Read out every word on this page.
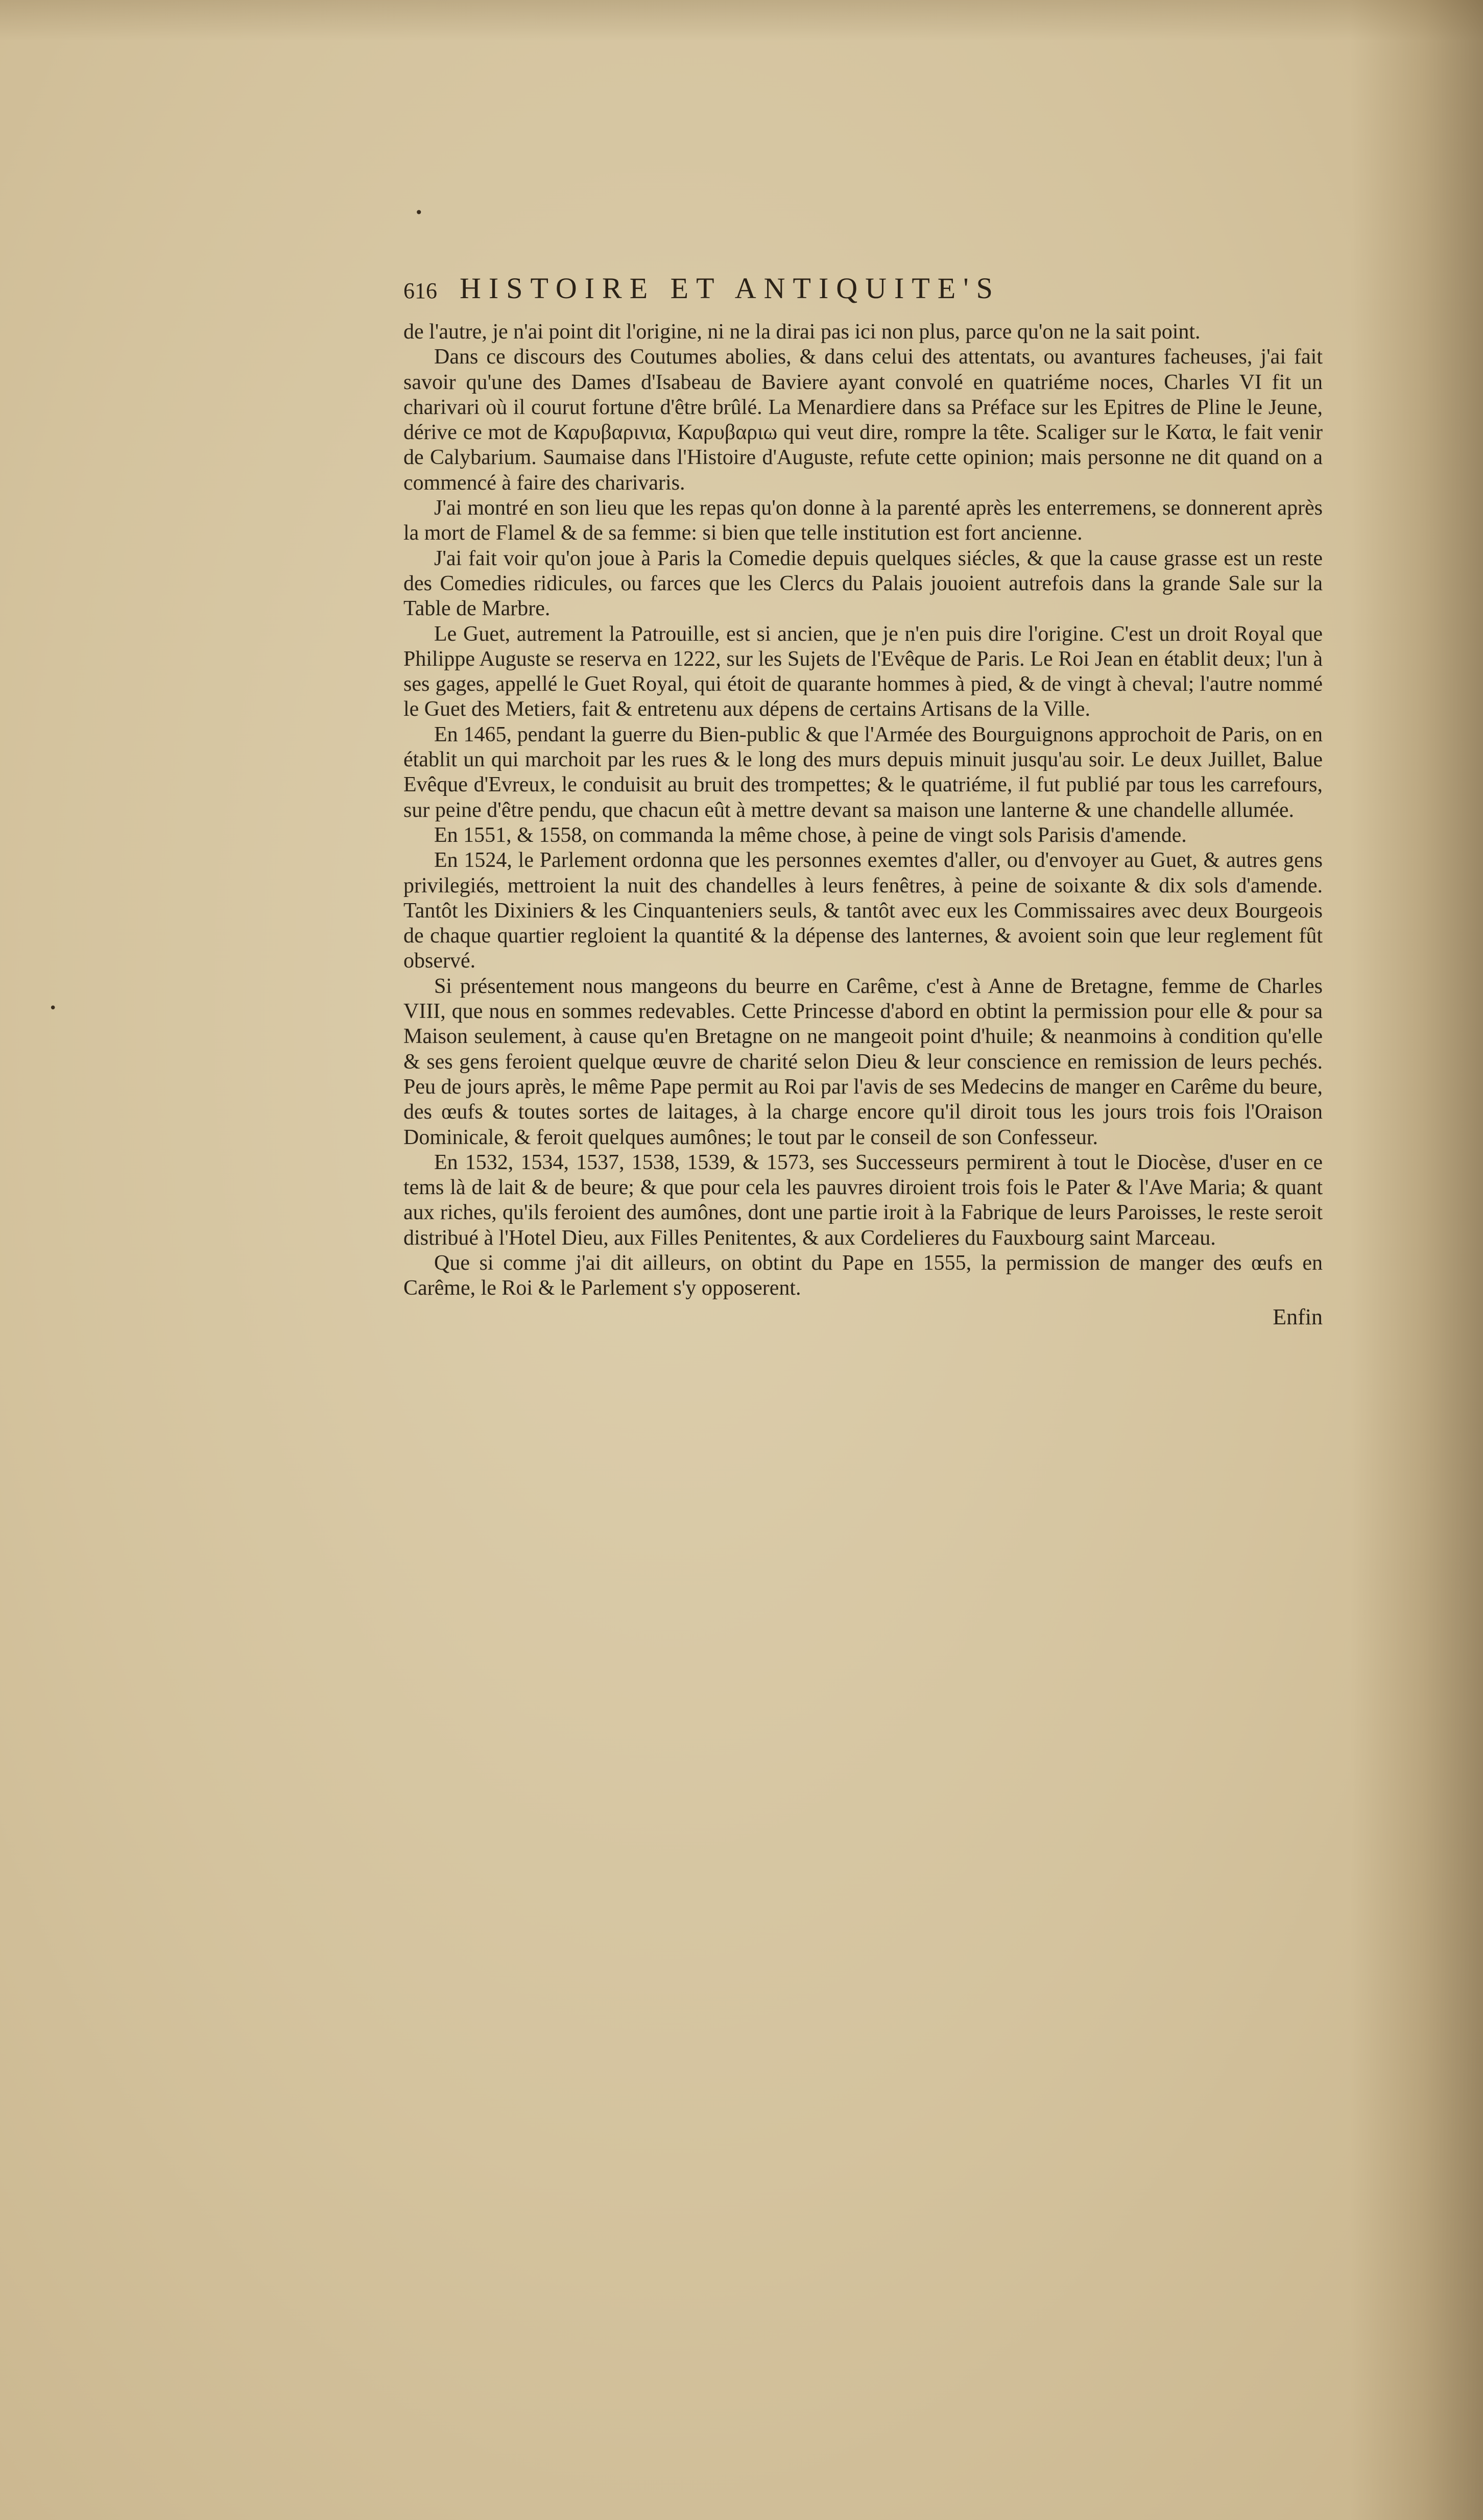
•
•
616 HISTOIRE ET ANTIQUITE'S

de l'autre, je n'ai point dit l'origine, ni ne la dirai pas ici non plus, parce qu'on ne la sait point.

Dans ce discours des Coutumes abolies, & dans celui des attentats, ou avantures facheuses, j'ai fait savoir qu'une des Dames d'Isabeau de Baviere ayant convolé en quatriéme noces, Charles VI fit un charivari où il courut fortune d'être brûlé. La Menardiere dans sa Préface sur les Epitres de Pline le Jeune, dérive ce mot de Καρυβαρινια, Καρυβαριω qui veut dire, rompre la tête. Scaliger sur le Κατα, le fait venir de Calybarium. Saumaise dans l'Histoire d'Auguste, refute cette opinion; mais personne ne dit quand on a commencé à faire des charivaris.

J'ai montré en son lieu que les repas qu'on donne à la parenté après les enterremens, se donnerent après la mort de Flamel & de sa femme: si bien que telle institution est fort ancienne.

J'ai fait voir qu'on joue à Paris la Comedie depuis quelques siécles, & que la cause grasse est un reste des Comedies ridicules, ou farces que les Clercs du Palais jouoient autrefois dans la grande Sale sur la Table de Marbre.

Le Guet, autrement la Patrouille, est si ancien, que je n'en puis dire l'origine. C'est un droit Royal que Philippe Auguste se reserva en 1222, sur les Sujets de l'Evêque de Paris. Le Roi Jean en établit deux; l'un à ses gages, appellé le Guet Royal, qui étoit de quarante hommes à pied, & de vingt à cheval; l'autre nommé le Guet des Metiers, fait & entretenu aux dépens de certains Artisans de la Ville.

En 1465, pendant la guerre du Bien-public & que l'Armée des Bourguignons approchoit de Paris, on en établit un qui marchoit par les rues & le long des murs depuis minuit jusqu'au soir. Le deux Juillet, Balue Evêque d'Evreux, le conduisit au bruit des trompettes; & le quatriéme, il fut publié par tous les carrefours, sur peine d'être pendu, que chacun eût à mettre devant sa maison une lanterne & une chandelle allumée.

En 1551, & 1558, on commanda la même chose, à peine de vingt sols Parisis d'amende.

En 1524, le Parlement ordonna que les personnes exemtes d'aller, ou d'envoyer au Guet, & autres gens privilegiés, mettroient la nuit des chandelles à leurs fenêtres, à peine de soixante & dix sols d'amende. Tantôt les Dixiniers & les Cinquanteniers seuls, & tantôt avec eux les Commissaires avec deux Bourgeois de chaque quartier regloient la quantité & la dépense des lanternes, & avoient soin que leur reglement fût observé.

Si présentement nous mangeons du beurre en Carême, c'est à Anne de Bretagne, femme de Charles VIII, que nous en sommes redevables. Cette Princesse d'abord en obtint la permission pour elle & pour sa Maison seulement, à cause qu'en Bretagne on ne mangeoit point d'huile; & neanmoins à condition qu'elle & ses gens feroient quelque œuvre de charité selon Dieu & leur conscience en remission de leurs pechés. Peu de jours après, le même Pape permit au Roi par l'avis de ses Medecins de manger en Carême du beure, des œufs & toutes sortes de laitages, à la charge encore qu'il diroit tous les jours trois fois l'Oraison Dominicale, & feroit quelques aumônes; le tout par le conseil de son Confesseur.

En 1532, 1534, 1537, 1538, 1539, & 1573, ses Successeurs permirent à tout le Diocèse, d'user en ce tems là de lait & de beure; & que pour cela les pauvres diroient trois fois le Pater & l'Ave Maria; & quant aux riches, qu'ils feroient des aumônes, dont une partie iroit à la Fabrique de leurs Paroisses, le reste seroit distribué à l'Hotel Dieu, aux Filles Penitentes, & aux Cordelieres du Fauxbourg saint Marceau.

Que si comme j'ai dit ailleurs, on obtint du Pape en 1555, la permission de manger des œufs en Carême, le Roi & le Parlement s'y opposerent.

Enfin
